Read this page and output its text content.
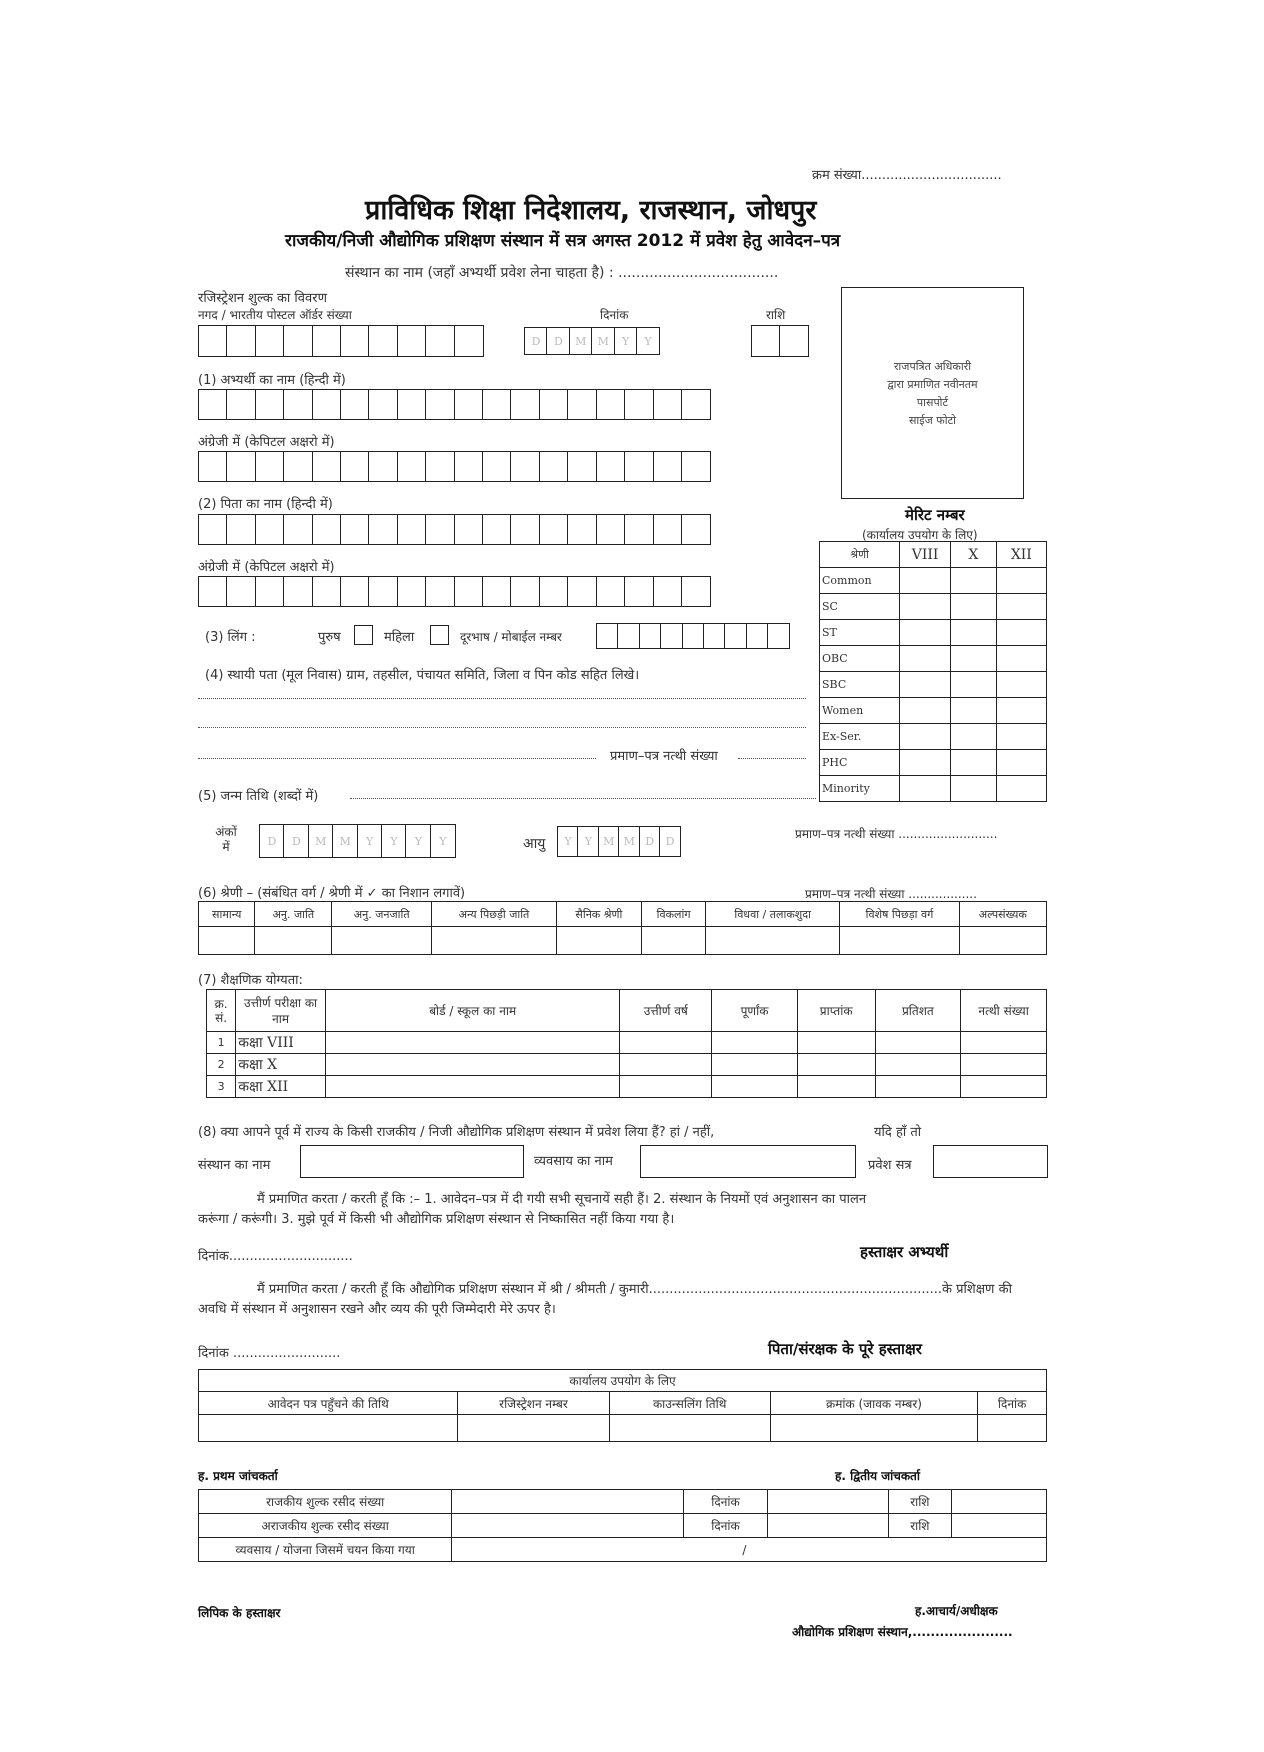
क्रम संख्या..................................
प्राविधिक शिक्षा निदेशालय, राजस्थान, जोधपुर
राजकीय/निजी औद्योगिक प्रशिक्षण संस्थान में सत्र अगस्त 2012 में प्रवेश हेतु आवेदन–पत्र
संस्थान का नाम (जहाँ अभ्यर्थी प्रवेश लेना चाहता है) : ....................................
रजिस्ट्रेशन शुल्क का विवरण
नगद / भारतीय पोस्टल ऑर्डर संख्या	दिनांक	राशि
D	D	M	M	Y	Y
राजपत्रित अधिकारी
द्वारा प्रमाणित नवीनतम
पासपोर्ट
साईज फोटो
(1) अभ्यर्थी का नाम (हिन्दी में)
अंग्रेजी में (केपिटल अक्षरो में)
(2) पिता का नाम (हिन्दी में)
अंग्रेजी में (केपिटल अक्षरो में)
मेरिट नम्बर
(कार्यालय उपयोग के लिए)
श्रेणी	VIII	X	XII
Common			
SC			
ST			
OBC			
SBC			
Women			
Ex-Ser.			
PHC			
Minority			
(3) लिंग :	पुरुष	महिला	दूरभाष / मोबाईल नम्बर
(4) स्थायी पता (मूल निवास) ग्राम, तहसील, पंचायत समिति, जिला व पिन कोड सहित लिखे।
प्रमाण–पत्र नत्थी संख्या
(5) जन्म तिथि (शब्दों में)
अंकों में	D	D	M	M	Y	Y	Y	Y	आयु	Y	Y	M M D	D
प्रमाण–पत्र नत्थी संख्या ..........................
(6) श्रेणी – (संबंधित वर्ग / श्रेणी में ✓ का निशान लगावें)	प्रमाण–पत्र नत्थी संख्या ..................
सामान्य	अनु. जाति	अनु. जनजाति	अन्य पिछड़ी जाति	सैनिक श्रेणी	विकलांग	विधवा / तलाकशुदा	विशेष पिछड़ा वर्ग	अल्पसंख्यक

(7) शैक्षणिक योग्यता:
क्र. सं.	उत्तीर्ण परीक्षा का नाम	बोर्ड / स्कूल का नाम	उत्तीर्ण वर्ष	पूर्णांक	प्राप्तांक	प्रतिशत	नत्थी संख्या
1	कक्षा VIII						
2	कक्षा X						
3	कक्षा XII						
(8) क्या आपने पूर्व में राज्य के किसी राजकीय / निजी औद्योगिक प्रशिक्षण संस्थान में प्रवेश लिया हैं? हां / नहीं,	यदि हाँ तो
संस्थान का नाम	व्यवसाय का नाम	प्रवेश सत्र
मैं प्रमाणित करता / करती हूँ कि :– 1. आवेदन–पत्र में दी गयी सभी सूचनायें सही हैं। 2. संस्थान के नियमों एवं अनुशासन का पालन
करूंगा / करूंगी। 3. मुझे पूर्व में किसी भी औद्योगिक प्रशिक्षण संस्थान से निष्कासित नहीं किया गया है।
दिनांक..............................	हस्ताक्षर अभ्यर्थी
मैं प्रमाणित करता / करती हूँ कि औद्योगिक प्रशिक्षण संस्थान में श्री / श्रीमती / कुमारी.......................................................................के प्रशिक्षण की
अवधि में संस्थान में अनुशासन रखने और व्यय की पूरी जिम्मेदारी मेरे ऊपर है।
दिनांक ..........................	पिता/संरक्षक के पूरे हस्ताक्षर
कार्यालय उपयोग के लिए				
आवेदन पत्र पहुँचने की तिथि	रजिस्ट्रेशन नम्बर	काउन्सलिंग तिथि	क्रमांक (जावक नम्बर)	दिनांक

ह. प्रथम जांचकर्ता	ह. द्वितीय जांचकर्ता
राजकीय शुल्क रसीद संख्या		दिनांक		राशि	
अराजकीय शुल्क रसीद संख्या		दिनांक		राशि	
व्यवसाय / योजना जिसमें चयन किया गया	/				
लिपिक के हस्ताक्षर	ह.आचार्य/अधीक्षक
औद्योगिक प्रशिक्षण संस्थान,......................
